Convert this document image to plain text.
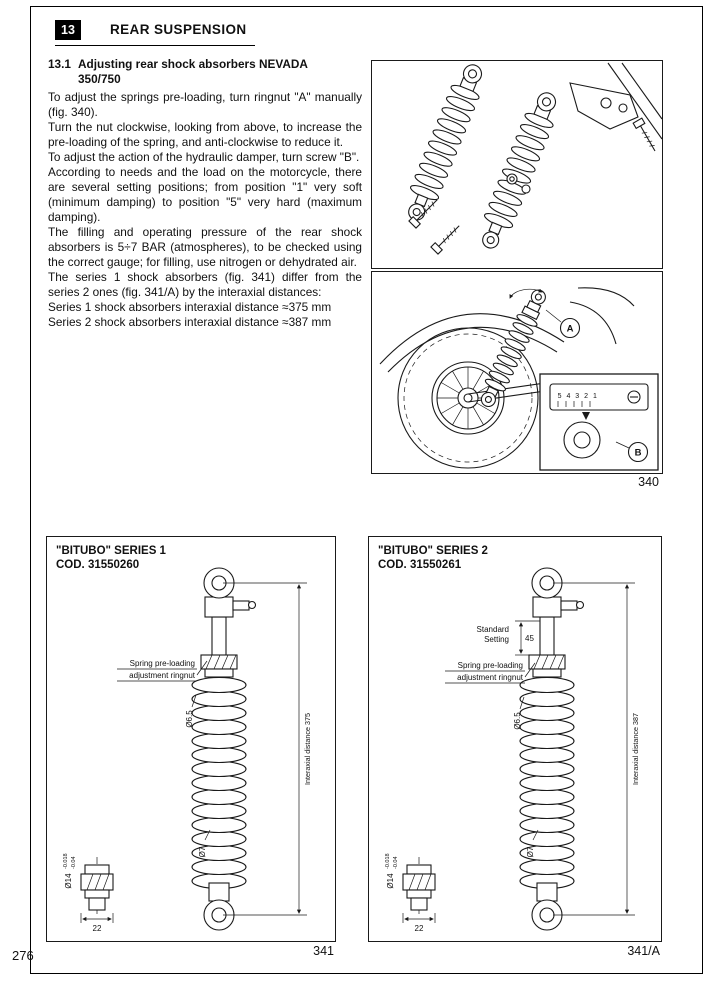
13	REAR SUSPENSION
13.1 Adjusting rear shock absorbers NEVADA
350/750

To adjust the springs pre-loading, turn ringnut "A" manually (fig. 340).

Turn the nut clockwise, looking from above, to increase the pre-loading of the spring, and anti-clockwise to reduce it.

To adjust the action of the hydraulic damper, turn screw "B".

According to needs and the load on the motorcycle, there are several setting positions; from position "1" very soft (minimum damping) to position "5" very hard (maximum damping).

The filling and operating pressure of the rear shock absorbers is 5÷7 BAR (atmospheres), to be checked using the correct gauge; for filling, use nitrogen or dehydrated air.

The series 1 shock absorbers (fig. 341) differ from the series 2 ones (fig. 341/A) by the interaxial distances:

Series 1 shock absorbers interaxial distance ≈375 mm

Series 2 shock absorbers interaxial distance ≈387 mm	A
5 4 3 2 1
B
340
"BITUBO" SERIES 1
COD. 31550260
Interaxial distance 375
Spring pre-loading
adjustment ringnut
Ø6.5
Ø7
Ø14
-0.018 -0.04
22
341
"BITUBO" SERIES 2
COD. 31550261
Standard
Setting 45
Interaxial distance 387
Spring pre-loading
adjustment ringnut
Ø6.5
Ø7
Ø14
-0.018 -0.04
22
341/A
276
